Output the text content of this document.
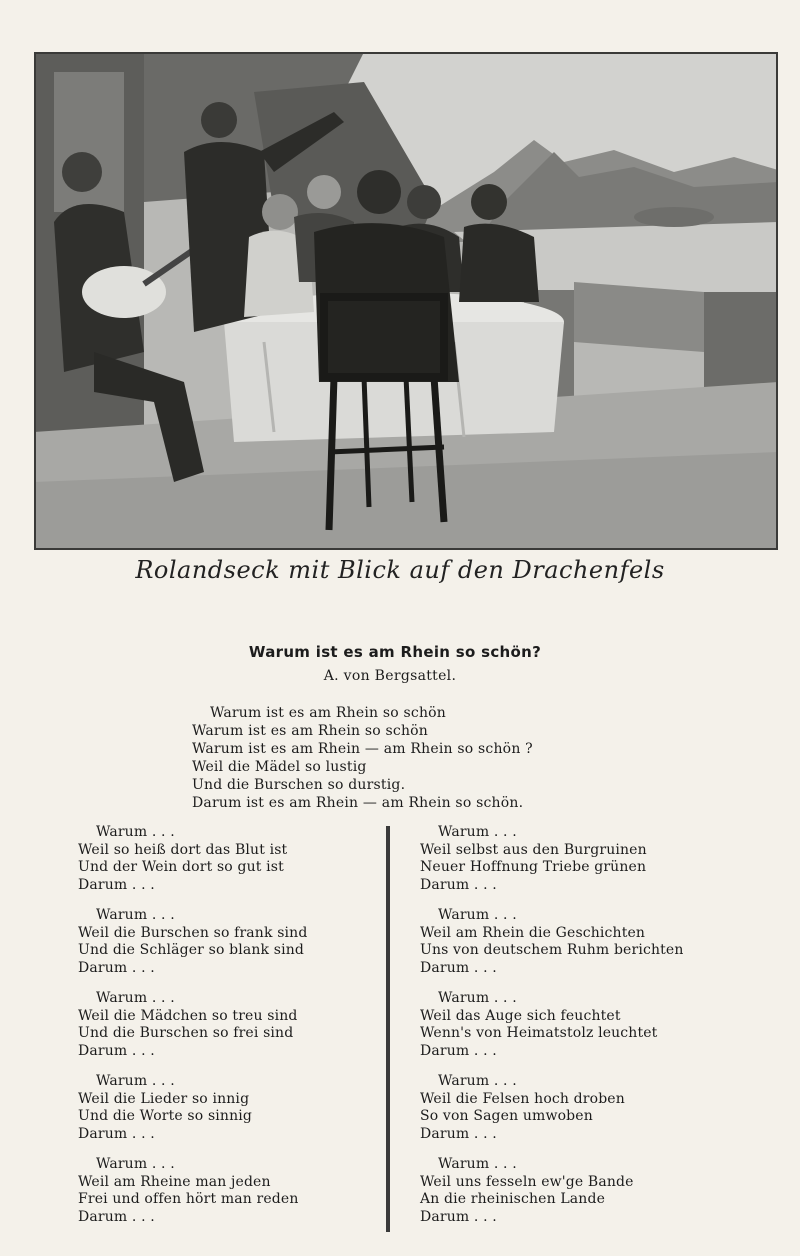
Rolandseck mit Blick auf den Drachenfels
Warum ist es am Rhein so schön?
A. von Bergsattel.
Warum ist es am Rhein so schön
Warum ist es am Rhein so schön
Warum ist es am Rhein — am Rhein so schön ?
Weil die Mädel so lustig
Und die Burschen so durstig.
Darum ist es am Rhein — am Rhein so schön.
Warum . . .
Weil so heiß dort das Blut ist
Und der Wein dort so gut ist
Darum . . .
Warum . . .
Weil die Burschen so frank sind
Und die Schläger so blank sind
Darum . . .
Warum . . .
Weil die Mädchen so treu sind
Und die Burschen so frei sind
Darum . . .
Warum . . .
Weil die Lieder so innig
Und die Worte so sinnig
Darum . . .
Warum . . .
Weil am Rheine man jeden
Frei und offen hört man reden
Darum . . .
Warum . . .
Weil selbst aus den Burgruinen
Neuer Hoffnung Triebe grünen
Darum . . .
Warum . . .
Weil am Rhein die Geschichten
Uns von deutschem Ruhm berichten
Darum . . .
Warum . . .
Weil das Auge sich feuchtet
Wenn's von Heimatstolz leuchtet
Darum . . .
Warum . . .
Weil die Felsen hoch droben
So von Sagen umwoben
Darum . . .
Warum . . .
Weil uns fesseln ew'ge Bande
An die rheinischen Lande
Darum . . .
